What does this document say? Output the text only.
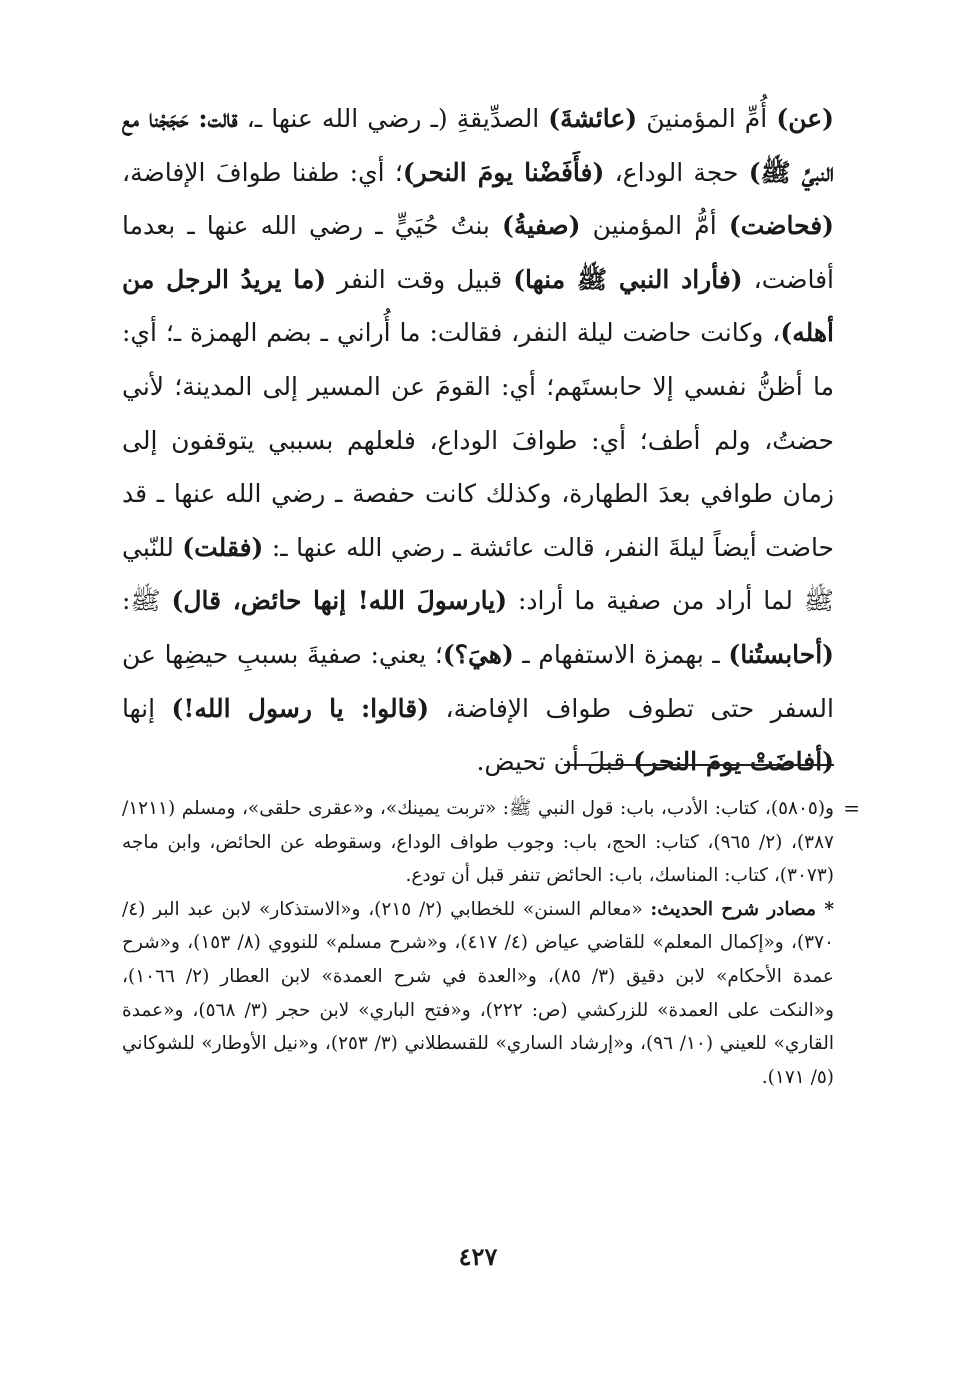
(عن) أُمِّ المؤمنينَ (عائشةَ) الصدِّيقةِ (ـ رضي الله عنها ـ، قالت: حَجَجْنا مع النبيِّ ﷺ) حجة الوداع، (فأَفَضْنا يومَ النحر)؛ أي: طفنا طوافَ الإفاضة، (فحاضت) أمُّ المؤمنين (صفيةُ) بنتُ حُيَيٍّ ـ رضي الله عنها ـ بعدما أفاضت، (فأراد النبي ﷺ منها) قبيل وقت النفر (ما يريدُ الرجل من أهله)، وكانت حاضت ليلة النفر، فقالت: ما أُراني ـ بضم الهمزة ـ؛ أي: ما أظنُّ نفسي إلا حابستَهم؛ أي: القومَ عن المسير إلى المدينة؛ لأني حضتُ، ولم أطف؛ أي: طوافَ الوداع، فلعلهم بسببي يتوقفون إلى زمان طوافي بعدَ الطهارة، وكذلك كانت حفصة ـ رضي الله عنها ـ قد حاضت أيضاً ليلةَ النفر، قالت عائشة ـ رضي الله عنها ـ: (فقلت) للنّبي ﷺ لما أراد من صفية ما أراد: (يارسولَ الله! إنها حائض، قال) ﷺ: (أحابستُنا) ـ بهمزة الاستفهام ـ (هيَ؟)؛ يعني: صفيةَ بسببِ حيضِها عن السفر حتى تطوف طواف الإفاضة، (قالوا: يا رسول الله!) إنها (أفاضَتْ يومَ النحر) قبلَ أن تحيض.

=
و(٥٨٠٥)، كتاب: الأدب، باب: قول النبي ﷺ: «تربت يمينك»، و«عقرى حلقى»، ومسلم (١٢١١/ ٣٨٧)، (٢/ ٩٦٥)، كتاب: الحج، باب: وجوب طواف الوداع، وسقوطه عن الحائض، وابن ماجه (٣٠٧٣)، كتاب: المناسك، باب: الحائض تنفر قبل أن تودع.

* مصادر شرح الحديث: «معالم السنن» للخطابي (٢/ ٢١٥)، و«الاستذكار» لابن عبد البر (٤/ ٣٧٠)، و«إكمال المعلم» للقاضي عياض (٤/ ٤١٧)، و«شرح مسلم» للنووي (٨/ ١٥٣)، و«شرح عمدة الأحكام» لابن دقيق (٣/ ٨٥)، و«العدة في شرح العمدة» لابن العطار (٢/ ١٠٦٦)، و«النكت على العمدة» للزركشي (ص: ٢٢٢)، و«فتح الباري» لابن حجر (٣/ ٥٦٨)، و«عمدة القاري» للعيني (١٠/ ٩٦)، و«إرشاد الساري» للقسطلاني (٣/ ٢٥٣)، و«نيل الأوطار» للشوكاني (٥/ ١٧١).

٤٢٧
